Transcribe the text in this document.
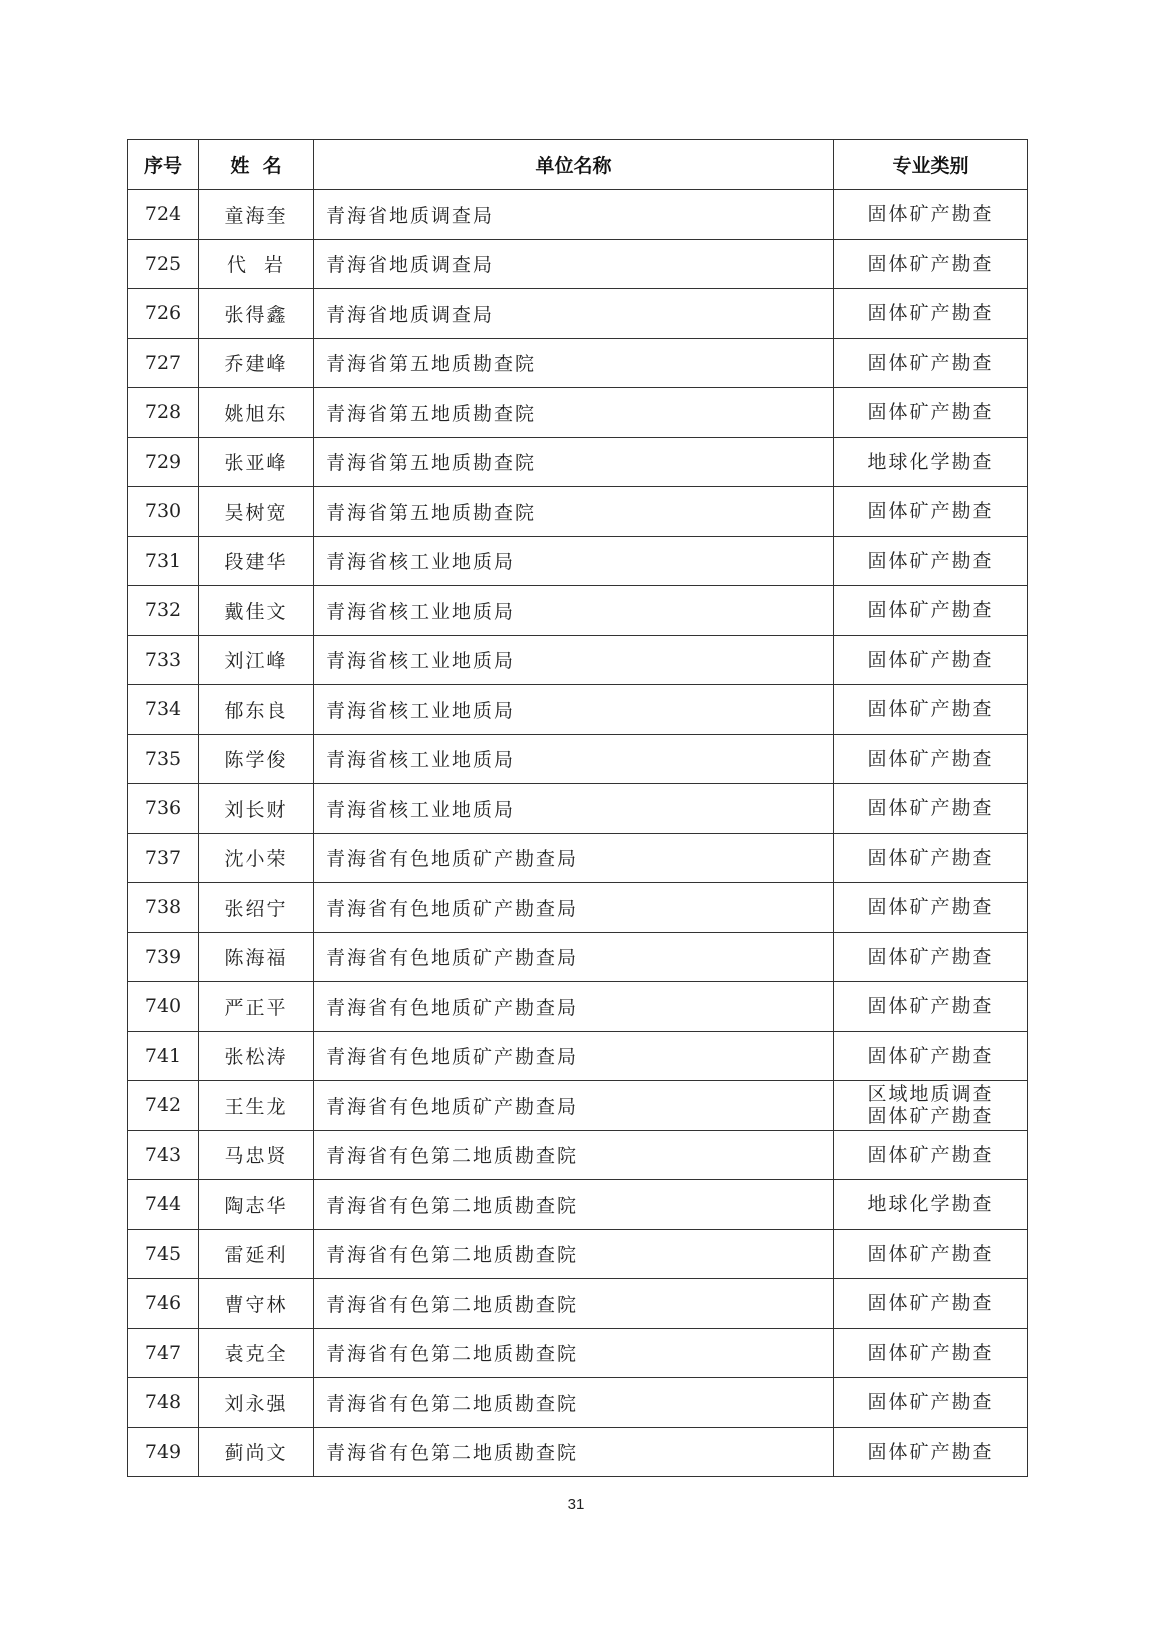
序号	姓  名	单位名称	专业类别
724	童海奎	青海省地质调查局	固体矿产勘查

725	代  岩	青海省地质调查局	固体矿产勘查

726	张得鑫	青海省地质调查局	固体矿产勘查

727	乔建峰	青海省第五地质勘查院	固体矿产勘查

728	姚旭东	青海省第五地质勘查院	固体矿产勘查

729	张亚峰	青海省第五地质勘查院	地球化学勘查

730	吴树宽	青海省第五地质勘查院	固体矿产勘查

731	段建华	青海省核工业地质局	固体矿产勘查

732	戴佳文	青海省核工业地质局	固体矿产勘查

733	刘江峰	青海省核工业地质局	固体矿产勘查

734	郁东良	青海省核工业地质局	固体矿产勘查

735	陈学俊	青海省核工业地质局	固体矿产勘查

736	刘长财	青海省核工业地质局	固体矿产勘查

737	沈小荣	青海省有色地质矿产勘查局	固体矿产勘查

738	张绍宁	青海省有色地质矿产勘查局	固体矿产勘查

739	陈海福	青海省有色地质矿产勘查局	固体矿产勘查

740	严正平	青海省有色地质矿产勘查局	固体矿产勘查

741	张松涛	青海省有色地质矿产勘查局	固体矿产勘查

742	王生龙	青海省有色地质矿产勘查局	区域地质调查
固体矿产勘查

743	马忠贤	青海省有色第二地质勘查院	固体矿产勘查

744	陶志华	青海省有色第二地质勘查院	地球化学勘查

745	雷延利	青海省有色第二地质勘查院	固体矿产勘查

746	曹守林	青海省有色第二地质勘查院	固体矿产勘查

747	袁克全	青海省有色第二地质勘查院	固体矿产勘查

748	刘永强	青海省有色第二地质勘查院	固体矿产勘查

749	蓟尚文	青海省有色第二地质勘查院	固体矿产勘查
31
